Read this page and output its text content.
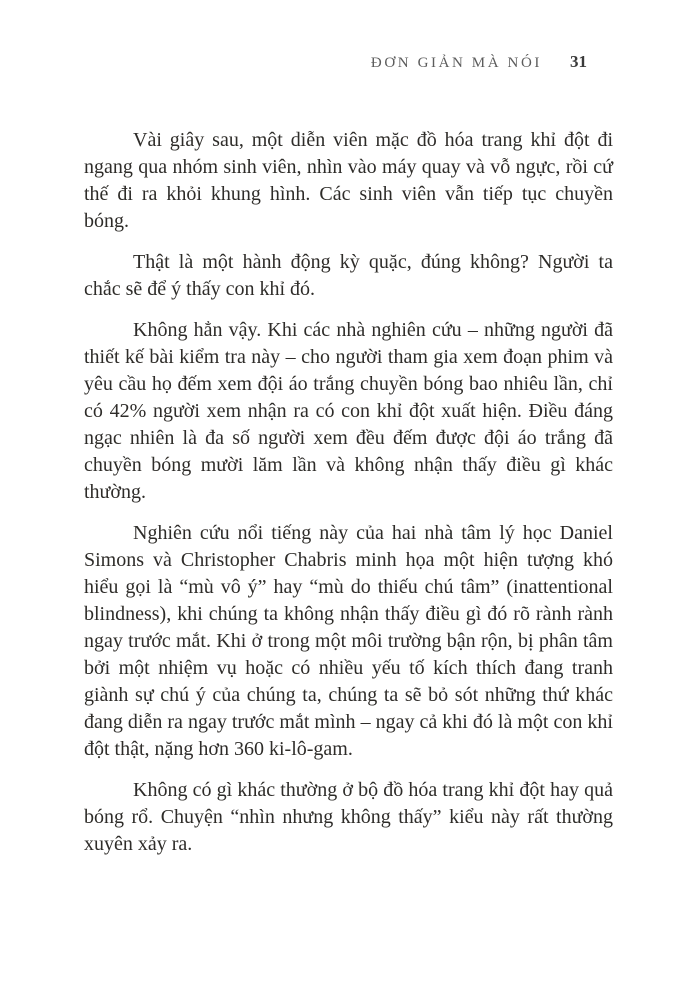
ĐƠN GIẢN MÀ NÓI 31

Vài giây sau, một diễn viên mặc đồ hóa trang khỉ đột đi ngang qua nhóm sinh viên, nhìn vào máy quay và vỗ ngực, rồi cứ thế đi ra khỏi khung hình. Các sinh viên vẫn tiếp tục chuyền bóng.

Thật là một hành động kỳ quặc, đúng không? Người ta chắc sẽ để ý thấy con khỉ đó.

Không hẳn vậy. Khi các nhà nghiên cứu – những người đã thiết kế bài kiểm tra này – cho người tham gia xem đoạn phim và yêu cầu họ đếm xem đội áo trắng chuyền bóng bao nhiêu lần, chỉ có 42% người xem nhận ra có con khỉ đột xuất hiện. Điều đáng ngạc nhiên là đa số người xem đều đếm được đội áo trắng đã chuyền bóng mười lăm lần và không nhận thấy điều gì khác thường.

Nghiên cứu nổi tiếng này của hai nhà tâm lý học Daniel Simons và Christopher Chabris minh họa một hiện tượng khó hiểu gọi là “mù vô ý” hay “mù do thiếu chú tâm” (inattentional blindness), khi chúng ta không nhận thấy điều gì đó rõ rành rành ngay trước mắt. Khi ở trong một môi trường bận rộn, bị phân tâm bởi một nhiệm vụ hoặc có nhiều yếu tố kích thích đang tranh giành sự chú ý của chúng ta, chúng ta sẽ bỏ sót những thứ khác đang diễn ra ngay trước mắt mình – ngay cả khi đó là một con khỉ đột thật, nặng hơn 360 ki-lô-gam.

Không có gì khác thường ở bộ đồ hóa trang khỉ đột hay quả bóng rổ. Chuyện “nhìn nhưng không thấy” kiểu này rất thường xuyên xảy ra.
